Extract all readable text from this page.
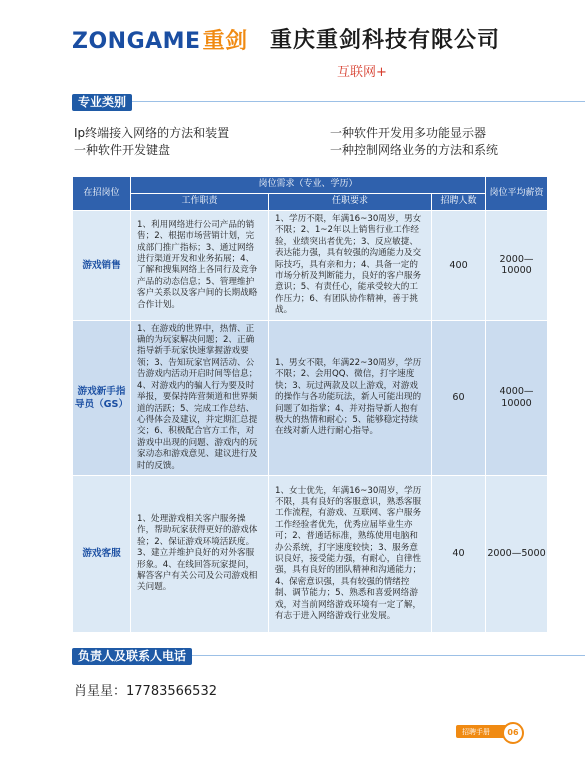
ZONGAME重剑 重庆重剑科技有限公司
互联网+
专业类别
Ip终端接入网络的方法和装置	一种软件开发用多功能显示器
一种软件开发键盘	一种控制网络业务的方法和系统
在招岗位	岗位需求（专业、学历）			岗位平均薪资
	工作职责	任职要求	招聘人数	
游戏销售	1、利用网络进行公司产品的销售；2、根据市场营销计划，完成部门推广指标；3、通过网络进行渠道开发和业务拓展；4、了解和搜集网络上各同行及竞争产品的动态信息；5、管理维护客户关系以及客户间的长期战略合作计划。	1、学历不限，年满16~30周岁，男女不限；2、1~2年以上销售行业工作经验，业绩突出者优先；3、反应敏捷、表达能力强，具有较强的沟通能力及交际技巧，具有亲和力；4、具备一定的市场分析及判断能力，良好的客户服务意识；5、有责任心，能承受较大的工作压力；6、有团队协作精神，善于挑战。	400	2000—10000
游戏新手指导员（GS）	1、在游戏的世界中，热情、正确的为玩家解决问题；2、正确指导新手玩家快速掌握游戏要领；3、告知玩家官网活动、公告游戏内活动开启时间等信息；4、对游戏内的骗人行为要及时举报，要保持阵营频道和世界频道的活跃；5、完成工作总结、心得体会及建议，并定期汇总提交；6、积极配合官方工作，对游戏中出现的问题、游戏内的玩家动态和游戏意见、建议进行及时的反馈。	1、男女不限，年满22~30周岁，学历不限；2、会用QQ、微信，打字速度快；3、玩过两款及以上游戏，对游戏的操作与各功能玩法，新人可能出现的问题了如指掌；4、并对指导新人抱有极大的热情和耐心；5、能够稳定持续在线对新人进行耐心指导。	60	4000—10000
游戏客服	1、处理游戏相关客户服务操作，帮助玩家获得更好的游戏体验；2、保证游戏环境活跃度。3、建立并维护良好的对外客服形象。4、在线回答玩家提问，解答客户有关公司及公司游戏相关问题。	1、女士优先，年满16~30周岁，学历不限，具有良好的客服意识，熟悉客服工作流程，有游戏、互联网、客户服务工作经验者优先，优秀应届毕业生亦可；2、普通话标准，熟练使用电脑和办公系统，打字速度较快；3、服务意识良好，接受能力强，有耐心，自律性强，具有良好的团队精神和沟通能力；4、保密意识强，具有较强的情绪控制、调节能力；5、熟悉和喜爱网络游戏，对当前网络游戏环境有一定了解，有志于进入网络游戏行业发展。	40	2000—5000
负责人及联系人电话
肖星星：17783566532
招聘手册	06
